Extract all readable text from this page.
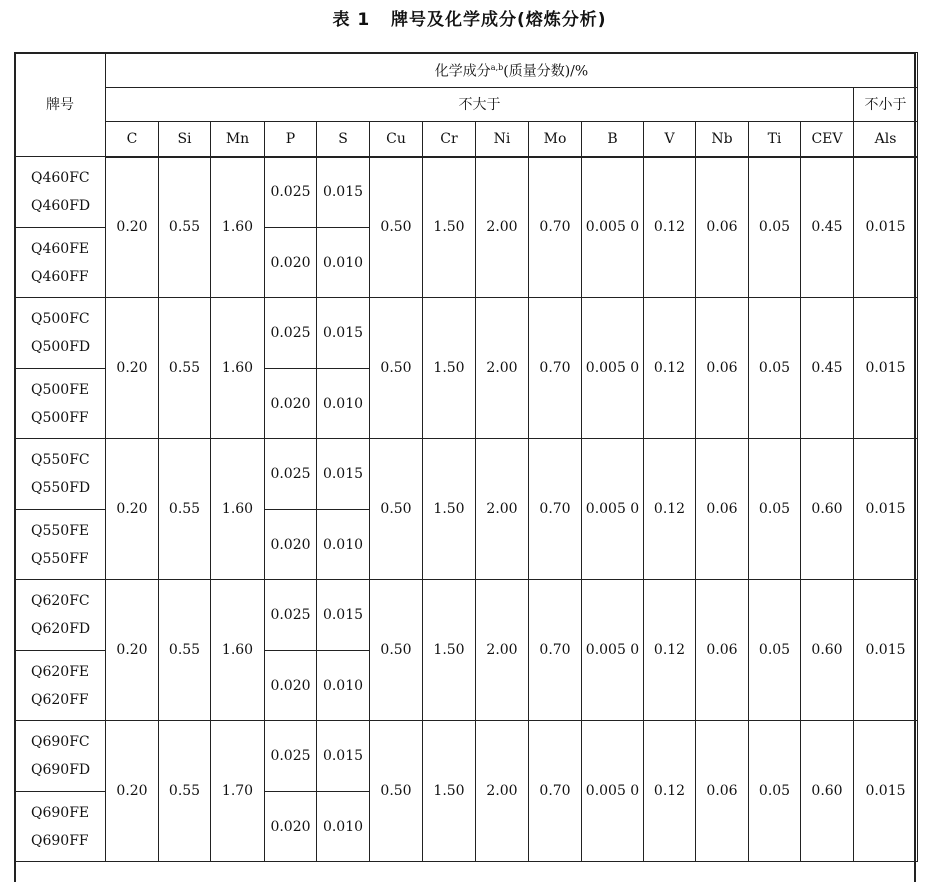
表 1   牌号及化学成分(熔炼分析)
牌号	化学成分$^{a,b}$(质量分数)/%														
	不大于														不小于
	C	Si	Mn	P	S	Cu	Cr	Ni	Mo	B	V	Nb	Ti	CEV	Als

Q460FC
Q460FD	0.20	0.55	1.60	0.025	0.015	0.50	1.50	2.00	0.70	0.005 0	0.12	0.06	0.05	0.45	0.015

Q460FE
Q460FF				0.020	0.010										

Q500FC
Q500FD	0.20	0.55	1.60	0.025	0.015	0.50	1.50	2.00	0.70	0.005 0	0.12	0.06	0.05	0.45	0.015

Q500FE
Q500FF				0.020	0.010										

Q550FC
Q550FD	0.20	0.55	1.60	0.025	0.015	0.50	1.50	2.00	0.70	0.005 0	0.12	0.06	0.05	0.60	0.015

Q550FE
Q550FF				0.020	0.010										

Q620FC
Q620FD	0.20	0.55	1.60	0.025	0.015	0.50	1.50	2.00	0.70	0.005 0	0.12	0.06	0.05	0.60	0.015

Q620FE
Q620FF				0.020	0.010										

Q690FC
Q690FD	0.20	0.55	1.70	0.025	0.015	0.50	1.50	2.00	0.70	0.005 0	0.12	0.06	0.05	0.60	0.015

Q690FE
Q690FF				0.020	0.010										
